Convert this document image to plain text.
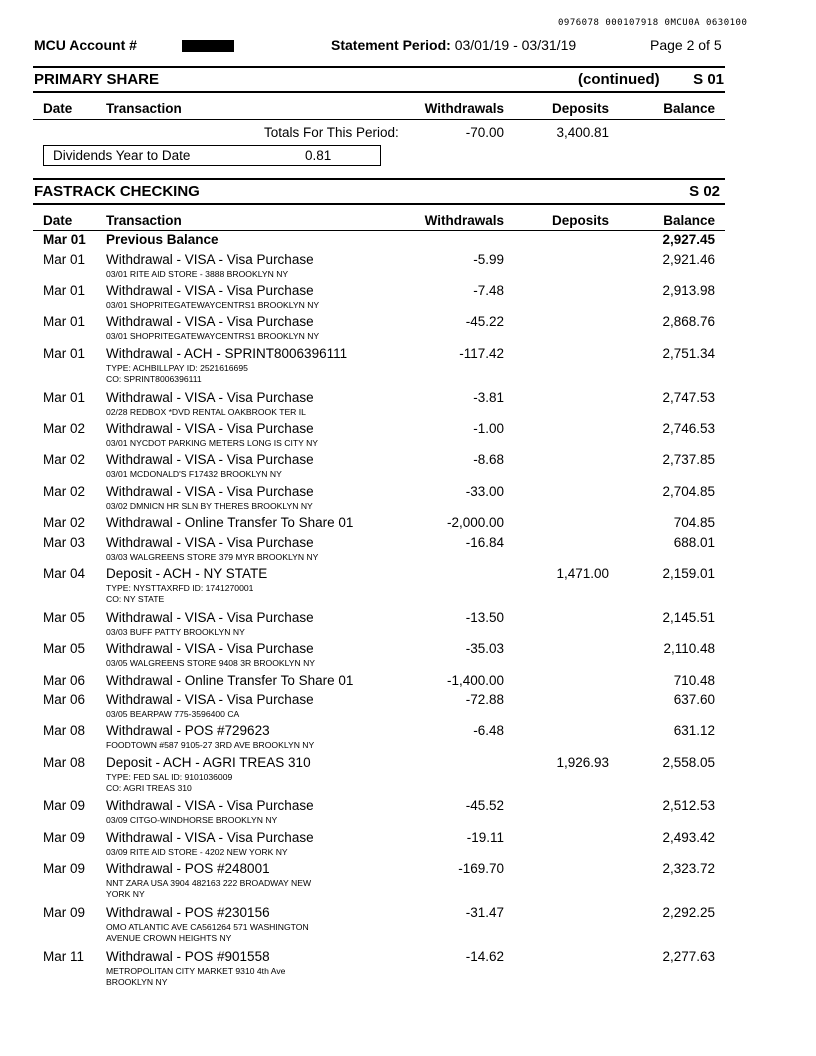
0976078 000107918 0MCU0A 0630100
MCU Account #	Statement Period: 03/01/19 - 03/31/19	Page 2 of 5
PRIMARY SHARE	(continued) S 01
Date Transaction	Withdrawals	Deposits	Balance
Totals For This Period:	-70.00	3,400.81
Dividends Year to Date	0.81
FASTRACK CHECKING	S 02
Date Transaction	Withdrawals	Deposits	Balance
Mar 01 Previous Balance	2,927.45
Mar 01 Withdrawal - VISA - Visa Purchase
03/01 RITE AID STORE - 3888 BROOKLYN NY
-5.99	2,921.46
Mar 01 Withdrawal - VISA - Visa Purchase
03/01 SHOPRITEGATEWAYCENTRS1 BROOKLYN NY
-7.48	2,913.98
Mar 01 Withdrawal - VISA - Visa Purchase
03/01 SHOPRITEGATEWAYCENTRS1 BROOKLYN NY
-45.22	2,868.76
Mar 01 Withdrawal - ACH - SPRINT8006396111
TYPE: ACHBILLPAY ID: 2521616695
CO: SPRINT8006396111
-117.42	2,751.34
Mar 01 Withdrawal - VISA - Visa Purchase
02/28 REDBOX *DVD RENTAL OAKBROOK TER IL
-3.81	2,747.53
Mar 02 Withdrawal - VISA - Visa Purchase
03/01 NYCDOT PARKING METERS LONG IS CITY NY
-1.00	2,746.53
Mar 02 Withdrawal - VISA - Visa Purchase
03/01 MCDONALD'S F17432 BROOKLYN NY
-8.68	2,737.85
Mar 02 Withdrawal - VISA - Visa Purchase
03/02 DMNICN HR SLN BY THERES BROOKLYN NY
-33.00	2,704.85
Mar 02 Withdrawal - Online Transfer To Share 01	-2,000.00	704.85
Mar 03 Withdrawal - VISA - Visa Purchase
03/03 WALGREENS STORE 379 MYR BROOKLYN NY
-16.84	688.01
Mar 04 Deposit - ACH - NY STATE
TYPE: NYSTTAXRFD ID: 1741270001
CO: NY STATE
1,471.00	2,159.01
Mar 05 Withdrawal - VISA - Visa Purchase
03/03 BUFF PATTY BROOKLYN NY
-13.50	2,145.51
Mar 05 Withdrawal - VISA - Visa Purchase
03/05 WALGREENS STORE 9408 3R BROOKLYN NY
-35.03	2,110.48
Mar 06 Withdrawal - Online Transfer To Share 01	-1,400.00	710.48
Mar 06 Withdrawal - VISA - Visa Purchase
03/05 BEARPAW 775-3596400 CA
-72.88	637.60
Mar 08 Withdrawal - POS #729623
FOODTOWN #587 9105-27 3RD AVE BROOKLYN NY
-6.48	631.12
Mar 08 Deposit - ACH - AGRI TREAS 310
TYPE: FED SAL ID: 9101036009
CO: AGRI TREAS 310
1,926.93	2,558.05
Mar 09 Withdrawal - VISA - Visa Purchase
03/09 CITGO-WINDHORSE BROOKLYN NY
-45.52	2,512.53
Mar 09 Withdrawal - VISA - Visa Purchase
03/09 RITE AID STORE - 4202 NEW YORK NY
-19.11	2,493.42
Mar 09 Withdrawal - POS #248001
NNT ZARA USA 3904 482163 222 BROADWAY NEW
YORK NY
-169.70	2,323.72
Mar 09 Withdrawal - POS #230156
OMO ATLANTIC AVE CA561264 571 WASHINGTON
AVENUE CROWN HEIGHTS NY
-31.47	2,292.25
Mar 11 Withdrawal - POS #901558
METROPOLITAN CITY MARKET 9310 4th Ave
BROOKLYN NY
-14.62	2,277.63
